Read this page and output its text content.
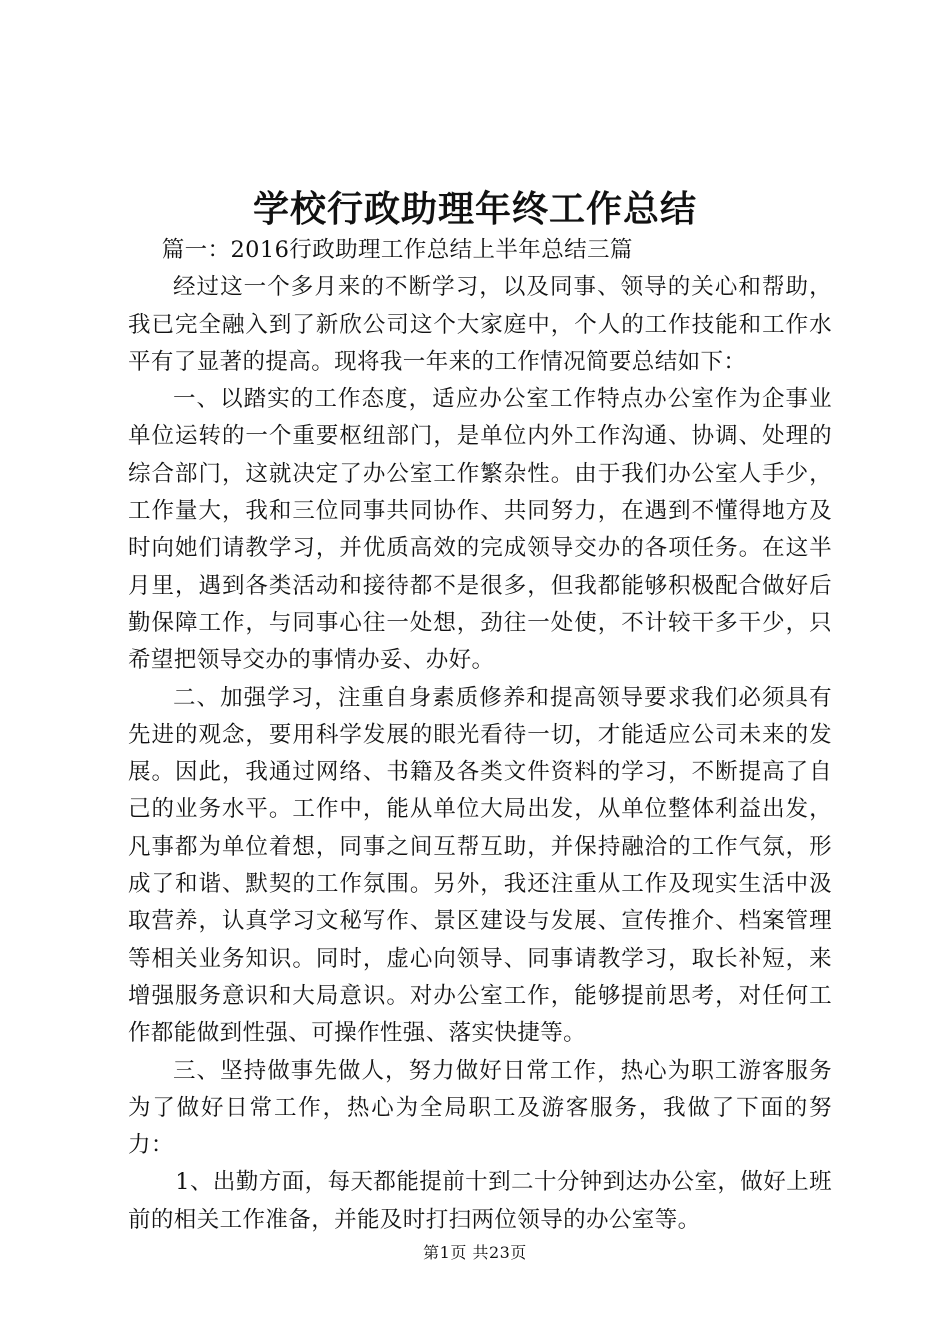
学校行政助理年终工作总结

篇一：2016行政助理工作总结上半年总结三篇

经过这一个多月来的不断学习，以及同事、领导的关心和帮助，我已完全融入到了新欣公司这个大家庭中，个人的工作技能和工作水平有了显著的提高。现将我一年来的工作情况简要总结如下：

一、以踏实的工作态度，适应办公室工作特点办公室作为企事业单位运转的一个重要枢纽部门，是单位内外工作沟通、协调、处理的综合部门，这就决定了办公室工作繁杂性。由于我们办公室人手少，工作量大，我和三位同事共同协作、共同努力，在遇到不懂得地方及时向她们请教学习，并优质高效的完成领导交办的各项任务。在这半月里，遇到各类活动和接待都不是很多，但我都能够积极配合做好后勤保障工作，与同事心往一处想，劲往一处使，不计较干多干少，只希望把领导交办的事情办妥、办好。

二、加强学习，注重自身素质修养和提高领导要求我们必须具有先进的观念，要用科学发展的眼光看待一切，才能适应公司未来的发展。因此，我通过网络、书籍及各类文件资料的学习，不断提高了自己的业务水平。工作中，能从单位大局出发，从单位整体利益出发，凡事都为单位着想，同事之间互帮互助，并保持融洽的工作气氛，形成了和谐、默契的工作氛围。另外，我还注重从工作及现实生活中汲取营养，认真学习文秘写作、景区建设与发展、宣传推介、档案管理等相关业务知识。同时，虚心向领导、同事请教学习，取长补短，来增强服务意识和大局意识。对办公室工作，能够提前思考，对任何工作都能做到性强、可操作性强、落实快捷等。

三、坚持做事先做人，努力做好日常工作，热心为职工游客服务为了做好日常工作，热心为全局职工及游客服务，我做了下面的努力：

1、出勤方面，每天都能提前十到二十分钟到达办公室，做好上班前的相关工作准备，并能及时打扫两位领导的办公室等。

第1页 共23页
